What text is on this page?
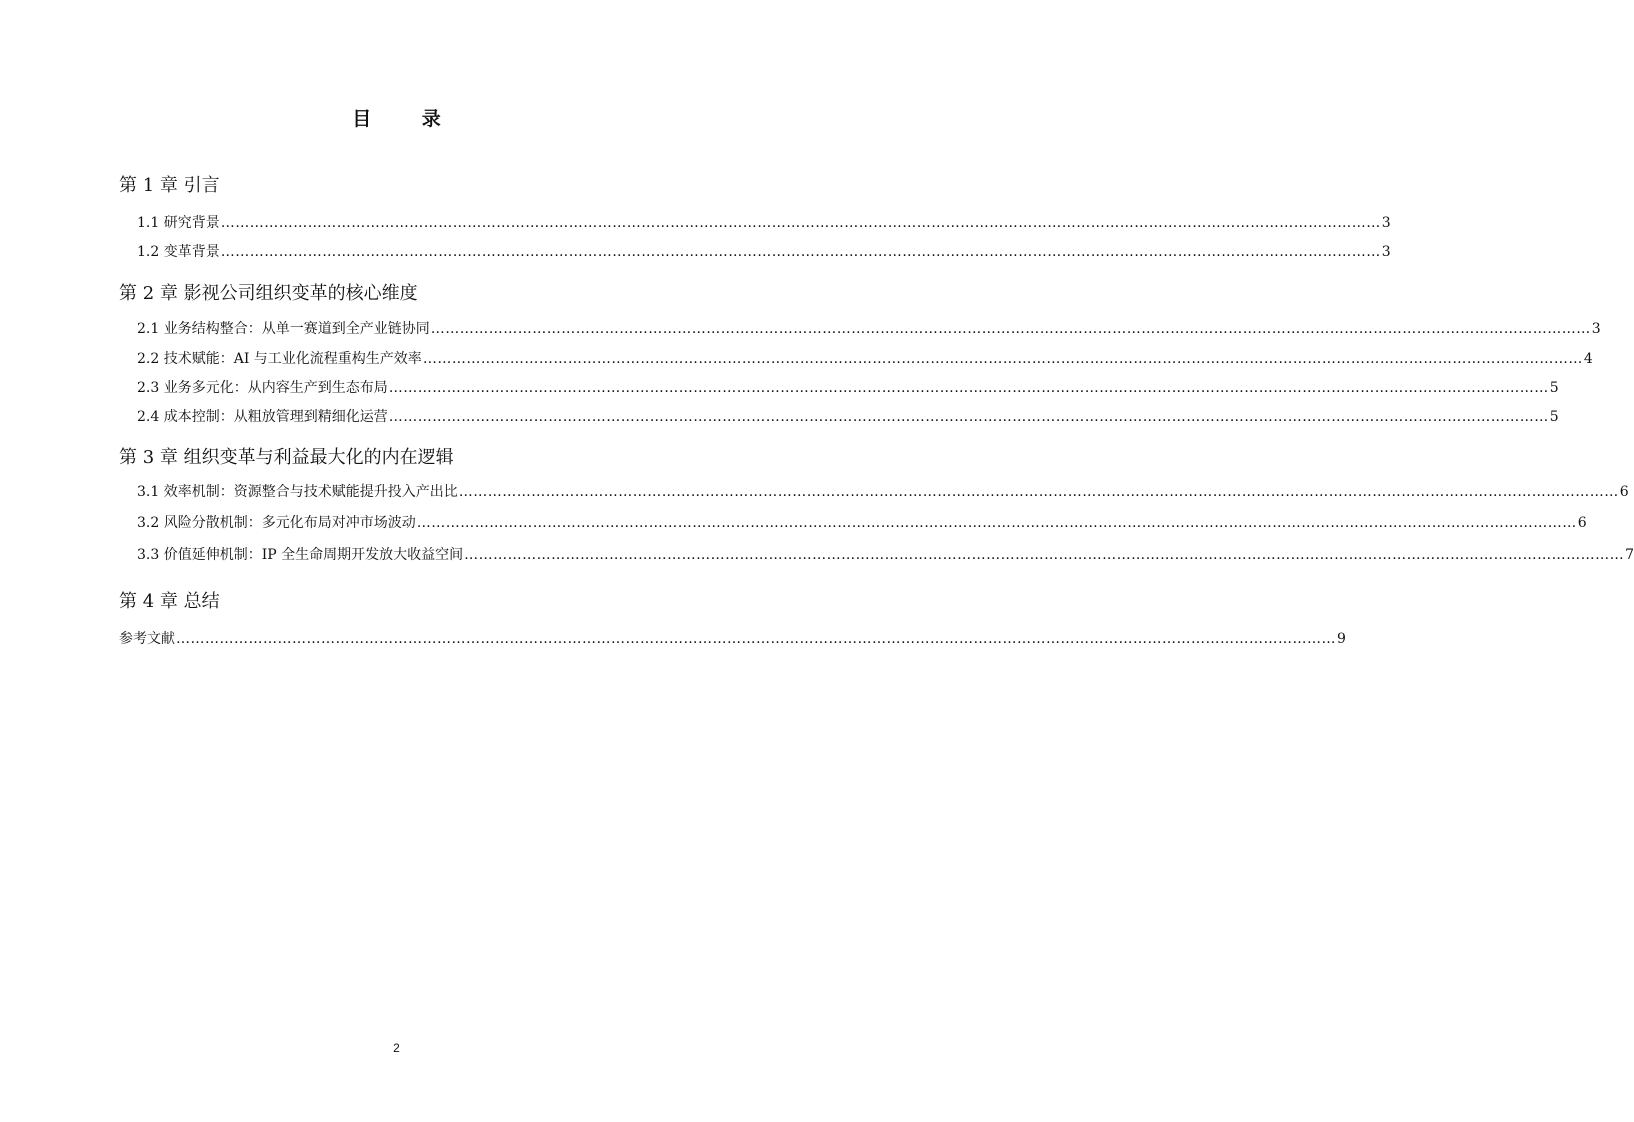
目 录
第 1 章 引言
1.1 研究背景 …………………………………………………………………………………………………………………………………………………………………………………………………………………… 3
1.2 变革背景 …………………………………………………………………………………………………………………………………………………………………………………………………………………… 3
第 2 章 影视公司组织变革的核心维度
2.1 业务结构整合：从单一赛道到全产业链协同 …………………………………………………………………………………………………………………………………………………………………………………………………………………… 3
2.2 技术赋能：AI 与工业化流程重构生产效率 …………………………………………………………………………………………………………………………………………………………………………………………………………………… 4
2.3 业务多元化：从内容生产到生态布局 …………………………………………………………………………………………………………………………………………………………………………………………………………………… 5
2.4 成本控制：从粗放管理到精细化运营 …………………………………………………………………………………………………………………………………………………………………………………………………………………… 5
第 3 章 组织变革与利益最大化的内在逻辑
3.1 效率机制：资源整合与技术赋能提升投入产出比 …………………………………………………………………………………………………………………………………………………………………………………………………………………… 6
3.2 风险分散机制：多元化布局对冲市场波动 …………………………………………………………………………………………………………………………………………………………………………………………………………………… 6
3.3 价值延伸机制：IP 全生命周期开发放大收益空间 …………………………………………………………………………………………………………………………………………………………………………………………………………………… 7
第 4 章 总结
参考文献 …………………………………………………………………………………………………………………………………………………………………………………………………………………… 9
2
